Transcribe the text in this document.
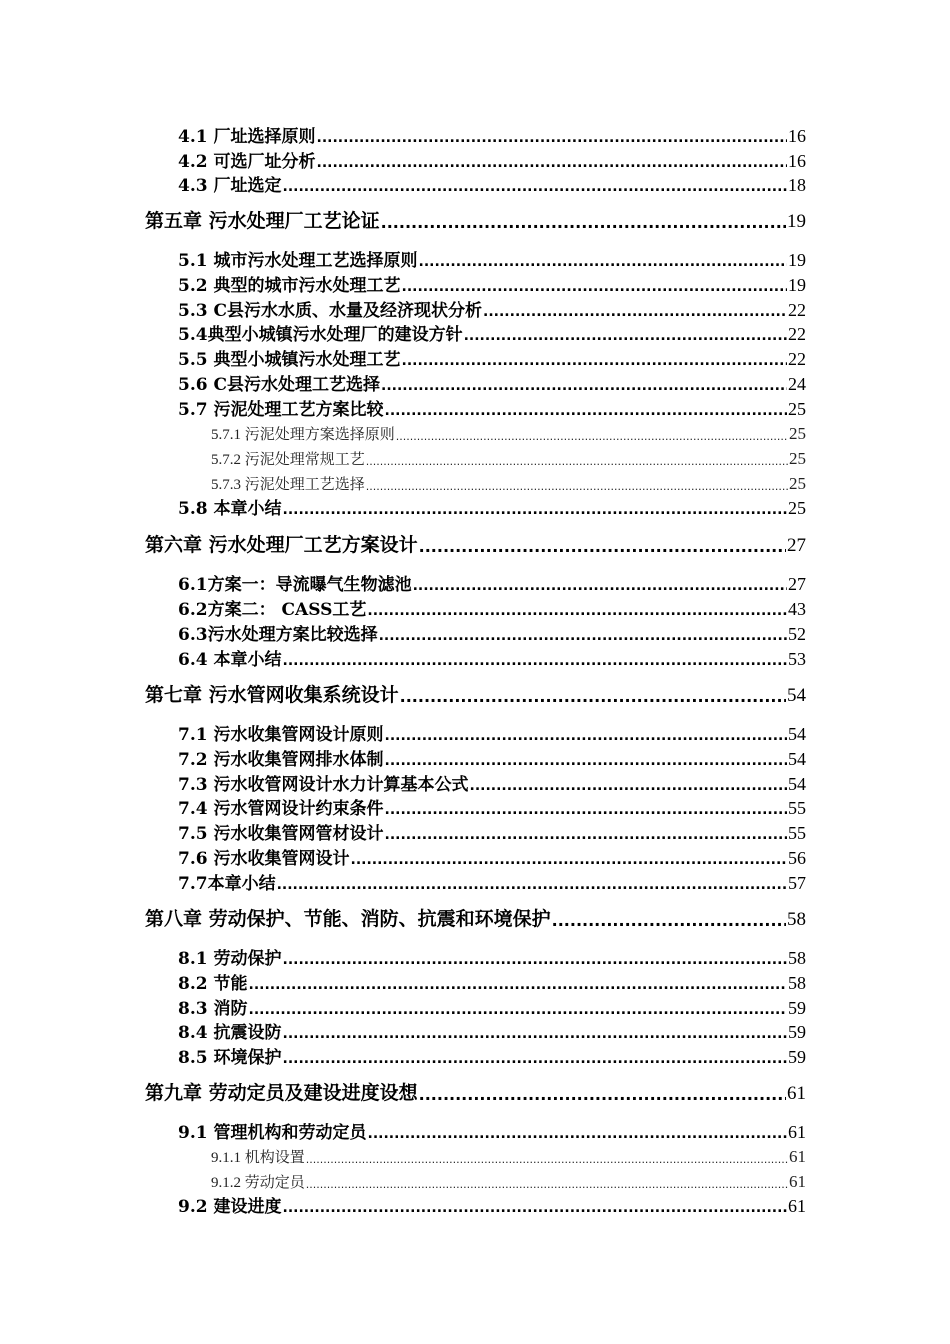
4.1 厂址选择原则 .....	16
4.2 可选厂址分析 .....	16
4.3 厂址选定 .....	18
第五章 污水处理厂工艺论证 .....	19
5.1 城市污水处理工艺选择原则 .....	19
5.2 典型的城市污水处理工艺 .....	19
5.3 C县污水水质、水量及经济现状分析 .....	22
5.4典型小城镇污水处理厂的建设方针 .....	22
5.5 典型小城镇污水处理工艺 .....	22
5.6 C县污水处理工艺选择 .....	24
5.7 污泥处理工艺方案比较 .....	25
5.7.1 污泥处理方案选择原则 .....	25
5.7.2 污泥处理常规工艺 .....	25
5.7.3 污泥处理工艺选择 .....	25
5.8 本章小结 .....	25
第六章 污水处理厂工艺方案设计 .....	27
6.1方案一：导流曝气生物滤池 .....	27
6.2方案二： CASS工艺 .....	43
6.3污水处理方案比较选择 .....	52
6.4 本章小结 .....	53
第七章 污水管网收集系统设计 .....	54
7.1 污水收集管网设计原则 .....	54
7.2 污水收集管网排水体制 .....	54
7.3 污水收管网设计水力计算基本公式 .....	54
7.4 污水管网设计约束条件 .....	55
7.5 污水收集管网管材设计 .....	55
7.6 污水收集管网设计 .....	56
7.7本章小结 .....	57
第八章 劳动保护、节能、消防、抗震和环境保护 .....	58
8.1 劳动保护 .....	58
8.2 节能 .....	58
8.3 消防 .....	59
8.4 抗震设防 .....	59
8.5 环境保护 .....	59
第九章 劳动定员及建设进度设想 .....	61
9.1 管理机构和劳动定员 .....	61
9.1.1 机构设置 .....	61
9.1.2 劳动定员 .....	61
9.2 建设进度 .....	61
